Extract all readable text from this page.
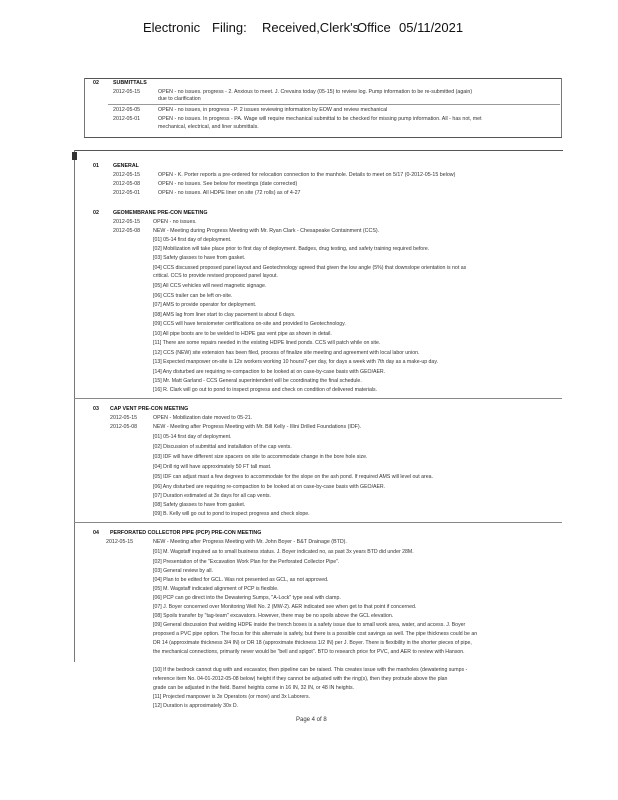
Electronic Filing: Received,Clerk's
Office 05/11/2021
02	SUBMITTALS
2012-05-15	OPEN - no issues. progress - 2. Anxious to meet. J. Crevains today (05-15) to review log. Pump information to be re-submitted (again)
due to clarification
2012-05-05	OPEN - no issues, in progress - P. 2 issues reviewing information by EOW and review mechanical
2012-05-01	OPEN - no issues. In progress - PA. Wage will require mechanical submittal to be checked for missing pump information. All - has not, met
mechanical, electrical, and liner submittals.
01	GENERAL
2012-05-15	OPEN - K. Porter reports a pre-ordered for relocation connection to the manhole. Details to meet on 5/17 (0-2012-05-15 below)
2012-05-08	OPEN - no issues. See below for meetings (date corrected)
2012-05-01	OPEN - no issues. All HDPE liner on site (72 rolls) as of 4-27
02	GEOMEMBRANE PRE-CON MEETING
2012-05-15 OPEN - no issues.
2012-05-08 NEW - Meeting during Progress Meeting with Mr. Ryan Clark - Chesapeake Containment (CCS).
[01] 05-14 first day of deployment.
[02] Mobilization will take place prior to first day of deployment. Badges, drug testing, and safety training required before.
[03] Safety glasses to have from gasket.
[04] CCS discussed proposed panel layout and Geotechnology agreed that given the low angle (5%) that downslope orientation is not as
critical. CCS to provide revised proposed panel layout.
[05] All CCS vehicles will need magnetic signage.
[06] CCS trailer can be left on-site.
[07] AMS to provide operator for deployment.
[08] AMS lag from liner start to clay pacement is about 6 days.
[09] CCS will have tensiometer certifications on-site and provided to Geotechnology.
[10] All pipe boots are to be welded to HDPE gas vent pipe as shown in detail.
[11] There are some repairs needed in the existing HDPE lined ponds. CCS will patch while on site.
[12] CCS (NEW) site extension has been filed, process of finalize site meeting and agreement with local labor union.
[13] Expected manpower on-site is 12x workers working 10 hours/7-per day, for days a week with 7th day as a make-up day.
[14] Any disturbed are requiring re-compaction to be looked at on case-by-case basis with GEO/AER.
[15] Mr. Matt Garland - CCS General superintendent will be coordinating the final schedule.
[16] R. Clark will go out to pond to inspect progress and check on condition of delivered materials.
03 CAP VENT PRE-CON MEETING
2012-05-15	OPEN - Mobilization date moved to 05-21.
2012-05-08	NEW - Meeting after Progress Meeting with Mr. Bill Kelly - Illini Drilled Foundations (IDF).
[01] 05-14 first day of deployment.
[02] Discussion of submittal and installation of the cap vents.
[03] IDF will have different size spacers on site to accommodate change in the bore hole size.
[04] Drill rig will have approximately 50 FT tall mast.
[05] IDF can adjust mast a few degrees to accommodate for the slope on the ash pond. If required AMS will level out area.
[06] Any disturbed are requiring re-compaction to be looked at on case-by-case basis with GEO/AER.
[07] Duration estimated at 3x days for all cap vents.
[08] Safety glasses to have from gasket.
[09] B. Kelly will go out to pond to inspect progress and check slope.
04 PERFORATED COLLECTOR PIPE (PCP) PRE-CON MEETING
2012-05-15	NEW - Meeting after Progress Meeting with Mr. John Boyer - B&T Drainage (BTD).
[01] M. Wagstaff inquired as to small business status. J. Boyer indicated no, as past 3x years BTD did under 28M.
[02] Presentation of the "Excavation Work Plan for the Perforated Collector Pipe".
[03] General review by all.
[04] Plan to be edited for GCL. Was not presented as GCL, as not approved.
[05] M. Wagstaff indicated alignment of PCP is flexible.
[06] PCP can go direct into the Dewatering Sumps, "A-Lock" type seal with clamp.
[07] J. Boyer concerned over Monitoring Well No. 2 (MW-2). AER indicated see when get to that point if concerned.
[08] Spoils transfer by "tag-team" excavators. However, there may be no spoils above the GCL elevation.
[09] General discussion that welding HDPE inside the trench boxes is a safety issue due to small work area, water, and access. J. Boyer
proposed a PVC pipe option. The focus for this alternate is safety, but there is a possible cost savings as well. The pipe thickness could be an
DR 14 (approximate thickness 3/4 IN) or DR 18 (approximate thickness 1/2 IN) per J. Boyer. There is flexibility in the shorter pieces of pipe,
the mechanical connections, primarily never would be "bell and spigot". BTD to research price for PVC, and AER to review with Hanson.
[10] If the bedrock cannot dug with and excavator, then pipeline can be raised. This creates issue with the manholes (dewatering sumps -
reference item No. 04-01-2012-05-08 below) height if they cannot be adjusted with the ring(s), then they protrude above the plan
grade can be adjusted in the field. Barrel heights come in 16 IN, 32 IN, or 48 IN heights.
[11] Projected manpower is 3x Operators (or more) and 3x Laborers.
[12] Duration is approximately 30x D.
Page 4 of 8
